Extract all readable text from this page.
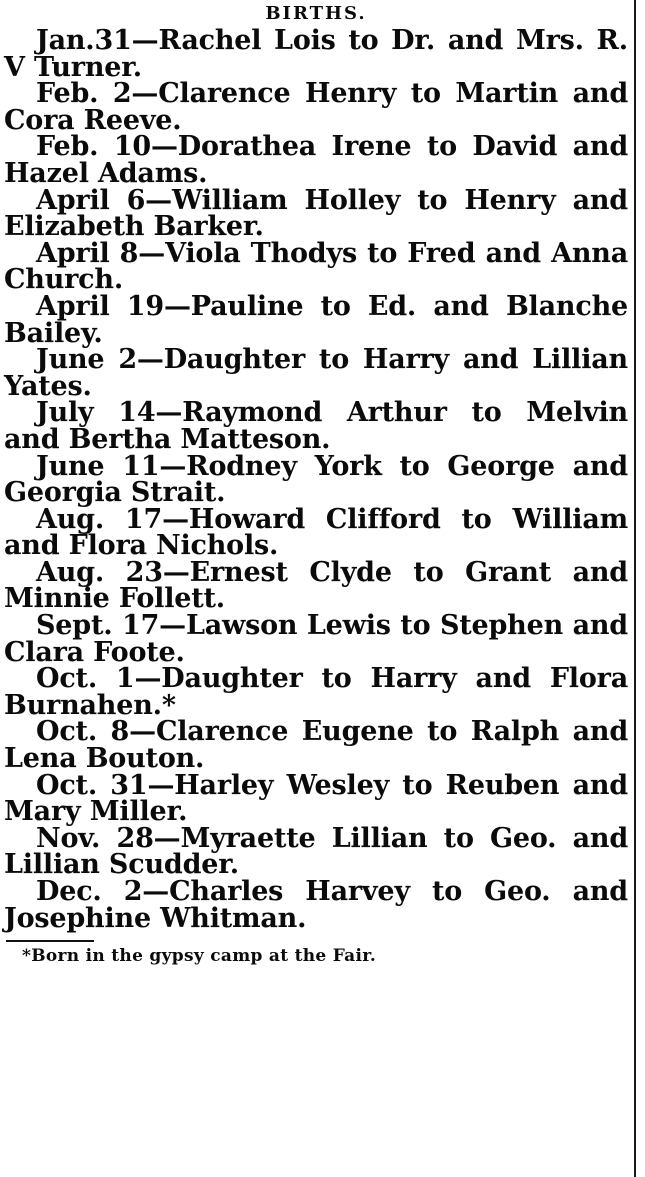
BIRTHS.

Jan.31—Rachel Lois to Dr. and Mrs. R. V Turner.

Feb. 2—Clarence Henry to Martin and Cora Reeve.

Feb. 10—Dorathea Irene to David and Hazel Adams.

April 6—William Holley to Henry and Elizabeth Barker.

April 8—Viola Thodys to Fred and Anna Church.

April 19—Pauline to Ed. and Blanche Bailey.

June 2—Daughter to Harry and Lillian Yates.

July 14—Raymond Arthur to Melvin and Bertha Matteson.

June 11—Rodney York to George and Georgia Strait.

Aug. 17—Howard Clifford to William and Flora Nichols.

Aug. 23—Ernest Clyde to Grant and Minnie Follett.

Sept. 17—Lawson Lewis to Stephen and Clara Foote.

Oct. 1—Daughter to Harry and Flora Burnahen.*

Oct. 8—Clarence Eugene to Ralph and Lena Bouton.

Oct. 31—Harley Wesley to Reuben and Mary Miller.

Nov. 28—Myraette Lillian to Geo. and Lillian Scudder.

Dec. 2—Charles Harvey to Geo. and Josephine Whitman.

*Born in the gypsy camp at the Fair.
